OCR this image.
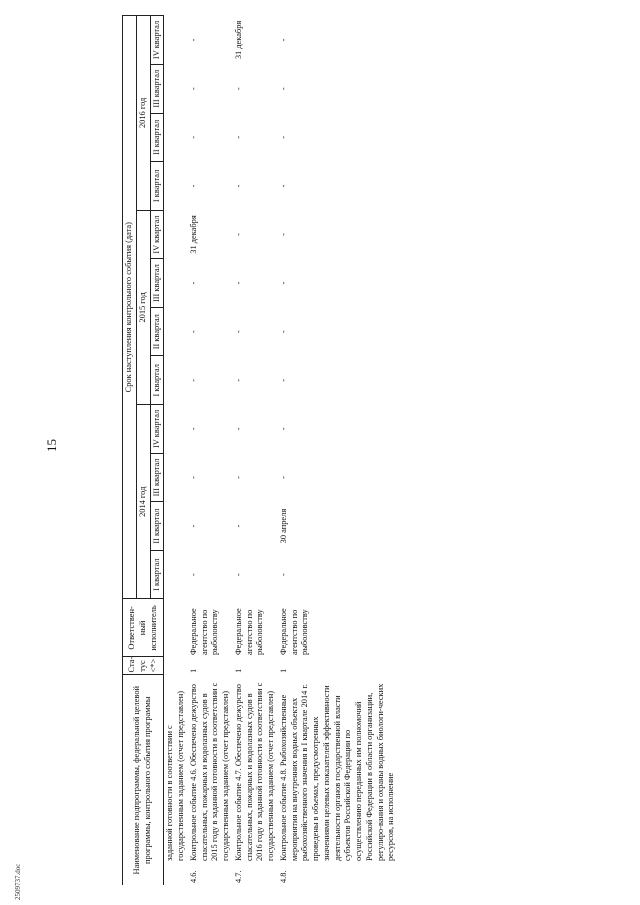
15
2509737.doc
Наименование подпрограммы, федеральной целевой программы, контрольного события программы	Ста-тус <*>	Ответствен-ный исполнитель	Срок наступления контрольного события (дата)											
			2014 год				2015 год				2016 год			
			I квартал	II квартал	III квартал	IV квартал	I квартал	II квартал	III квартал	IV квартал	I квартал	II квартал	III квартал	IV квартал

заданной готовности в соответствии с государственным заданием (отчет представлен)														

4.6.
Контрольное событие 4.6. Обеспечено дежурство спасательных, пожарных и водолазных судов в 2015 году в заданной готовности в соответствии с государственным заданием (отчет представлен)	1	Федеральное агентство по рыболовству	-	-	-	-	-	-	-	31 декабря	-	-	-	-

4.7.
Контрольное событие 4.7. Обеспечено дежурство спасательных, пожарных и водолазных судов в 2016 году в заданной готовности в соответствии с государственным заданием (отчет представлен)	1	Федеральное агентство по рыболовству	-	-	-	-	-	-	-	-	-	-	-	31 декабря

4.8.
Контрольное событие 4.8. Рыбохозяйственные мероприятия на внутренних водных объектах рыбохозяйственного значения в I квартале 2014 г. проведены в объемах, предусмотренных значениями целевых показателей эффективности деятельности органов государственной власти субъектов Российской Федерации по осуществлению переданных им полномочий Российской Федерации в области организации, регулиро-вания и охраны водных биологи-ческих ресурсов, на исполнение	1	Федеральное агентство по рыболовству	-	30 апреля	-	-	-	-	-	-	-	-	-	-
